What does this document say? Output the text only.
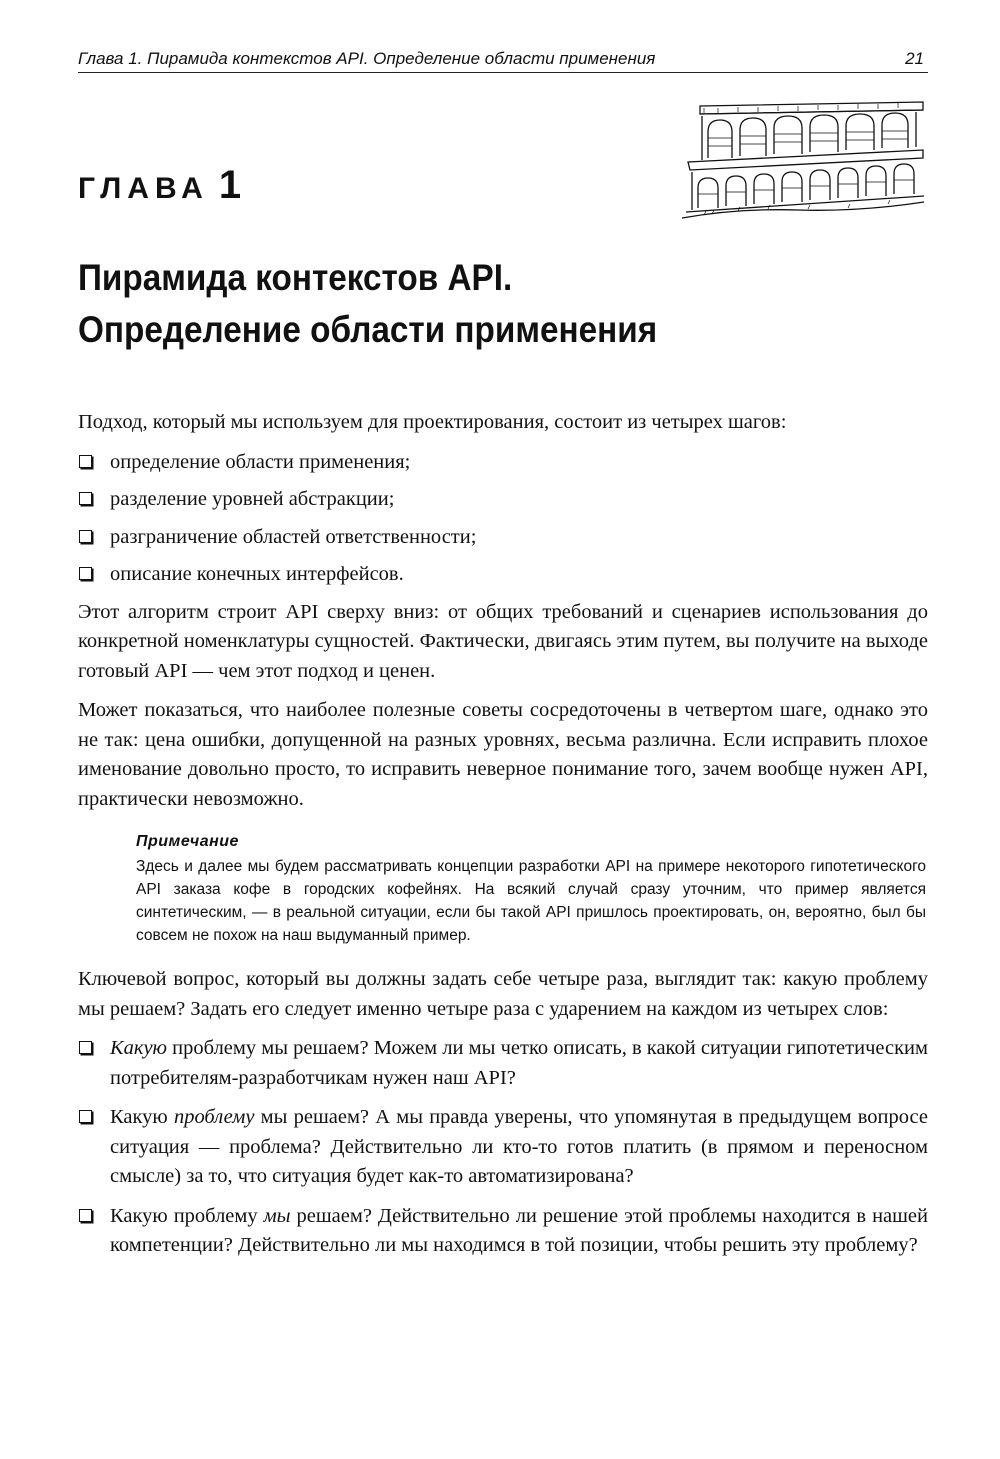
Глава 1. Пирамида контекстов API. Определение области применения	21
ГЛАВА 1
Пирамида контекстов API.
Определение области применения

Подход, который мы используем для проектирования, состоит из четырех шагов:

определение области применения;
разделение уровней абстракции;
разграничение областей ответственности;
описание конечных интерфейсов.

Этот алгоритм строит API сверху вниз: от общих требований и сценариев использования до конкретной номенклатуры сущностей. Фактически, двигаясь этим путем, вы получите на выходе готовый API — чем этот подход и ценен.

Может показаться, что наиболее полезные советы сосредоточены в четвертом шаге, однако это не так: цена ошибки, допущенной на разных уровнях, весьма различна. Если исправить плохое именование довольно просто, то исправить неверное понимание того, зачем вообще нужен API, практически невозможно.

Примечание
Здесь и далее мы будем рассматривать концепции разработки API на примере некоторого гипотетического API заказа кофе в городских кофейнях. На всякий случай сразу уточним, что пример является синтетическим, — в реальной ситуации, если бы такой API пришлось проектировать, он, вероятно, был бы совсем не похож на наш выдуманный пример.

Ключевой вопрос, который вы должны задать себе четыре раза, выглядит так: какую проблему мы решаем? Задать его следует именно четыре раза с ударением на каждом из четырех слов:

Какую проблему мы решаем? Можем ли мы четко описать, в какой ситуации гипотетическим потребителям-разработчикам нужен наш API?
Какую проблему мы решаем? А мы правда уверены, что упомянутая в предыдущем вопросе ситуация — проблема? Действительно ли кто-то готов платить (в прямом и переносном смысле) за то, что ситуация будет как-то автоматизирована?
Какую проблему мы решаем? Действительно ли решение этой проблемы находится в нашей компетенции? Действительно ли мы находимся в той позиции, чтобы решить эту проблему?
